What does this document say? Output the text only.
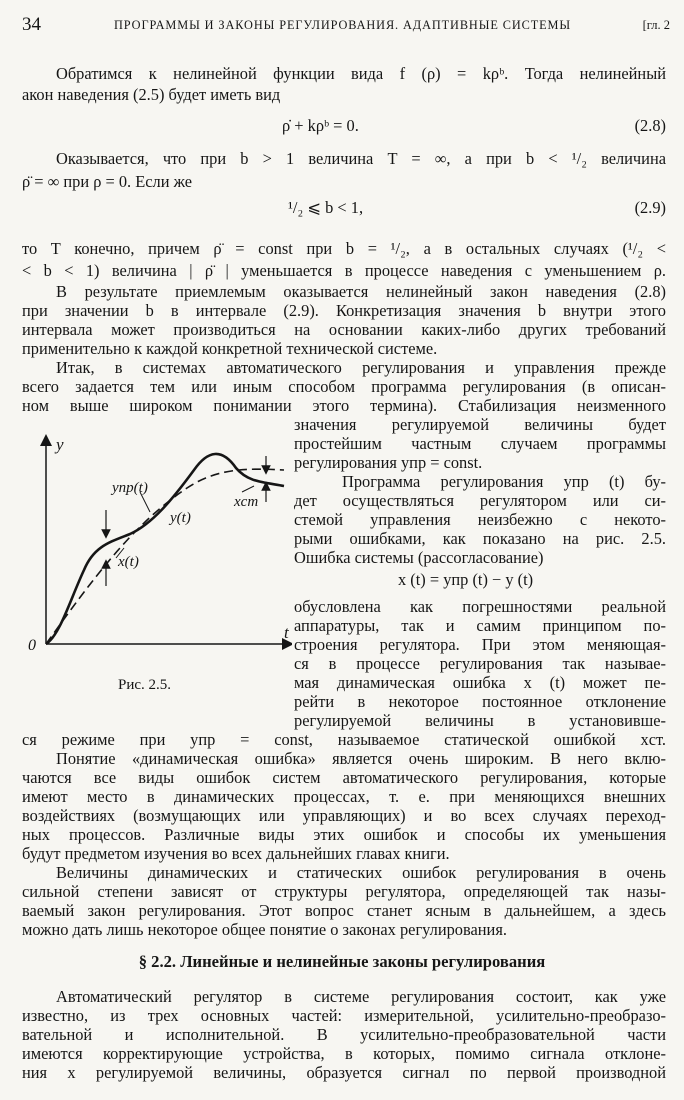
34	ПРОГРАММЫ И ЗАКОНЫ РЕГУЛИРОВАНИЯ. АДАПТИВНЫЕ СИСТЕМЫ	[гл. 2
Обратимся к нелинейной функции вида f (ρ) = kρᵇ. Тогда нелинейный
акон наведения (2.5) будет иметь вид
ρ̇ + kρᵇ = 0.	(2.8)
Оказывается, что при b > 1 величина T = ∞, а при b < ¹/₂ величина
ρ̈ = ∞ при ρ = 0. Если же
¹/₂ ⩽ b < 1,	(2.9)
то T конечно, причем ρ̈ = const при b = ¹/₂, а в остальных случаях (¹/₂ <
< b < 1) величина | ρ̈ | уменьшается в процессе наведения с уменьшением ρ.
В результате приемлемым оказывается нелинейный закон наведения (2.8)
при значении b в интервале (2.9). Конкретизация значения b внутри этого
интервала может производиться на основании каких-либо других требований
применительно к каждой конкретной технической системе.
Итак, в системах автоматического регулирования и управления прежде
всего задается тем или иным способом программа регулирования (в описан-
ном выше широком понимании этого термина). Стабилизация неизменного
значения регулируемой величины будет
простейшим частным случаем программы
регулирования yпр = const.
Программа регулирования yпр (t) бу-
дет осуществляться регулятором или си-
стемой управления неизбежно с некото-
рыми ошибками, как показано на рис. 2.5.
Ошибка системы (рассогласование)
x (t) = yпр (t) − y (t)
обусловлена как погрешностями реальной
аппаратуры, так и самим принципом по-
строения регулятора. При этом меняющая-
ся в процессе регулирования так называе-
мая динамическая ошибка x (t) может пе-
рейти в некоторое постоянное отклонение
регулируемой величины в установивше-
ся режиме при yпр = const, называемое статической ошибкой xст.
Понятие «динамическая ошибка» является очень широким. В него вклю-
чаются все виды ошибок систем автоматического регулирования, которые
имеют место в динамических процессах, т. е. при меняющихся внешних
воздействиях (возмущающих или управляющих) и во всех случаях переход-
ных процессов. Различные виды этих ошибок и способы их уменьшения
будут предметом изучения во всех дальнейших главах книги.
Величины динамических и статических ошибок регулирования в очень
сильной степени зависят от структуры регулятора, определяющей так назы-
ваемый закон регулирования. Этот вопрос станет ясным в дальнейшем, а здесь
можно дать лишь некоторое общее понятие о законах регулирования.
§ 2.2. Линейные и нелинейные законы регулирования
Автоматический регулятор в системе регулирования состоит, как уже
известно, из трех основных частей: измерительной, усилительно-преобразо-
вательной и исполнительной. В усилительно-преобразовательной части
имеются корректирующие устройства, в которых, помимо сигнала отклоне-
ния x регулируемой величины, образуется сигнал по первой производной
y
t
0
yпр(t)
y(t)
x(t)
xст
Рис. 2.5.
